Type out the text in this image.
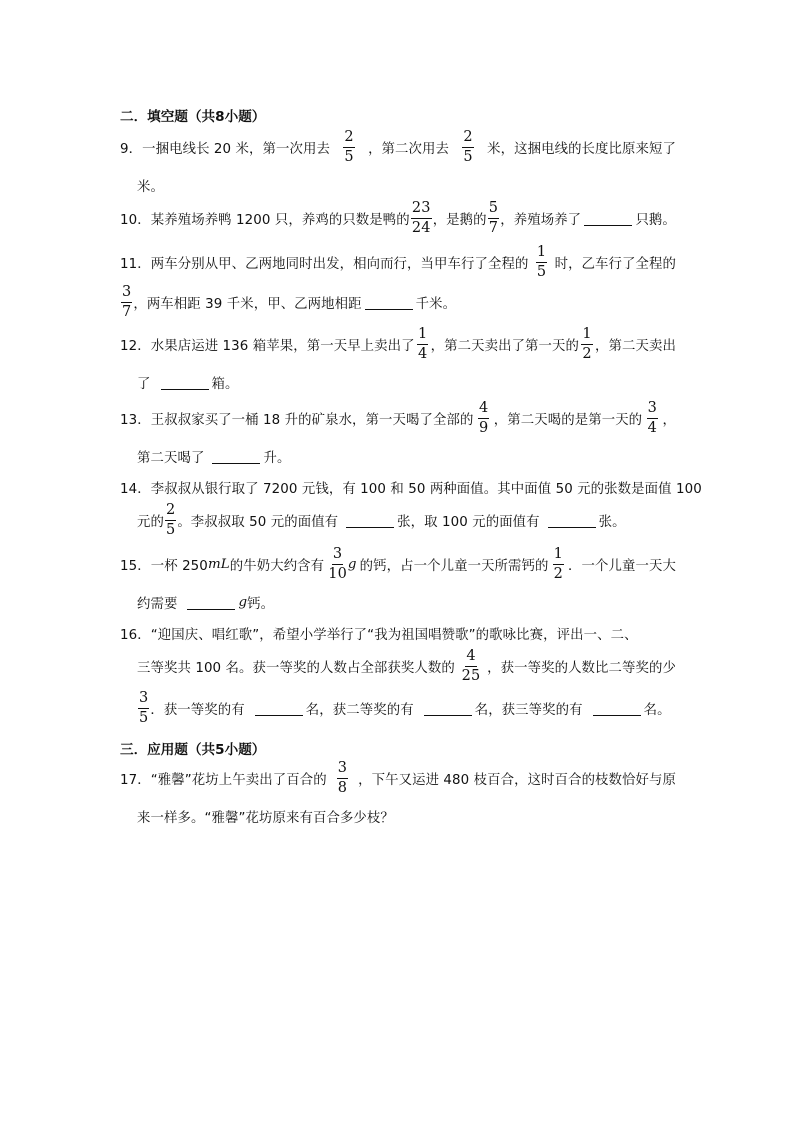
二．填空题（共8小题）
9．一捆电线长 20 米，第一次用去 $\frac{2}{5}$ ，第二次用去 $\frac{2}{5}$ 米，这捆电线的长度比原来短了
米。
10．某养殖场养鸭 1200 只，养鸡的只数是鸭的 $\frac{23}{24}$ ，是鹅的 $\frac{5}{7}$ ，养殖场养了	只鹅。
11．两车分别从甲、乙两地同时出发，相向而行，当甲车行了全程的 $\frac{1}{5}$ 时，乙车行了全程的
$\frac{3}{7}$ ，两车相距 39 千米，甲、乙两地相距	千米。
12．水果店运进 136 箱苹果，第一天早上卖出了 $\frac{1}{4}$ ，第二天卖出了第一天的 $\frac{1}{2}$ ，第二天卖出
了	箱。
13．王叔叔家买了一桶 18 升的矿泉水，第一天喝了全部的 $\frac{4}{9}$ ，第二天喝的是第一天的 $\frac{3}{4}$ ，
第二天喝了	升。
14．李叔叔从银行取了 7200 元钱，有 100 和 50 两种面值。其中面值 50 元的张数是面值 100
元的 $\frac{2}{5}$ 。李叔叔取 50 元的面值有	张，取 100 元的面值有	张。
15．一杯 250 mL 的牛奶大约含有 $\frac{3}{10}$ g 的钙，占一个儿童一天所需钙的 $\frac{1}{2}$ ．一个儿童一天大
约需要	g 钙。
16．“迎国庆、唱红歌”，希望小学举行了“我为祖国唱赞歌”的歌咏比赛，评出一、二、
三等奖共 100 名。获一等奖的人数占全部获奖人数的 $\frac{4}{25}$ ，获一等奖的人数比二等奖的少
$\frac{3}{5}$ ．获一等奖的有	名，获二等奖的有	名，获三等奖的有	名。
三．应用题（共5小题）
17．“雅馨”花坊上午卖出了百合的 $\frac{3}{8}$ ，下午又运进 480 枝百合，这时百合的枝数恰好与原
来一样多。“雅馨”花坊原来有百合多少枝？
